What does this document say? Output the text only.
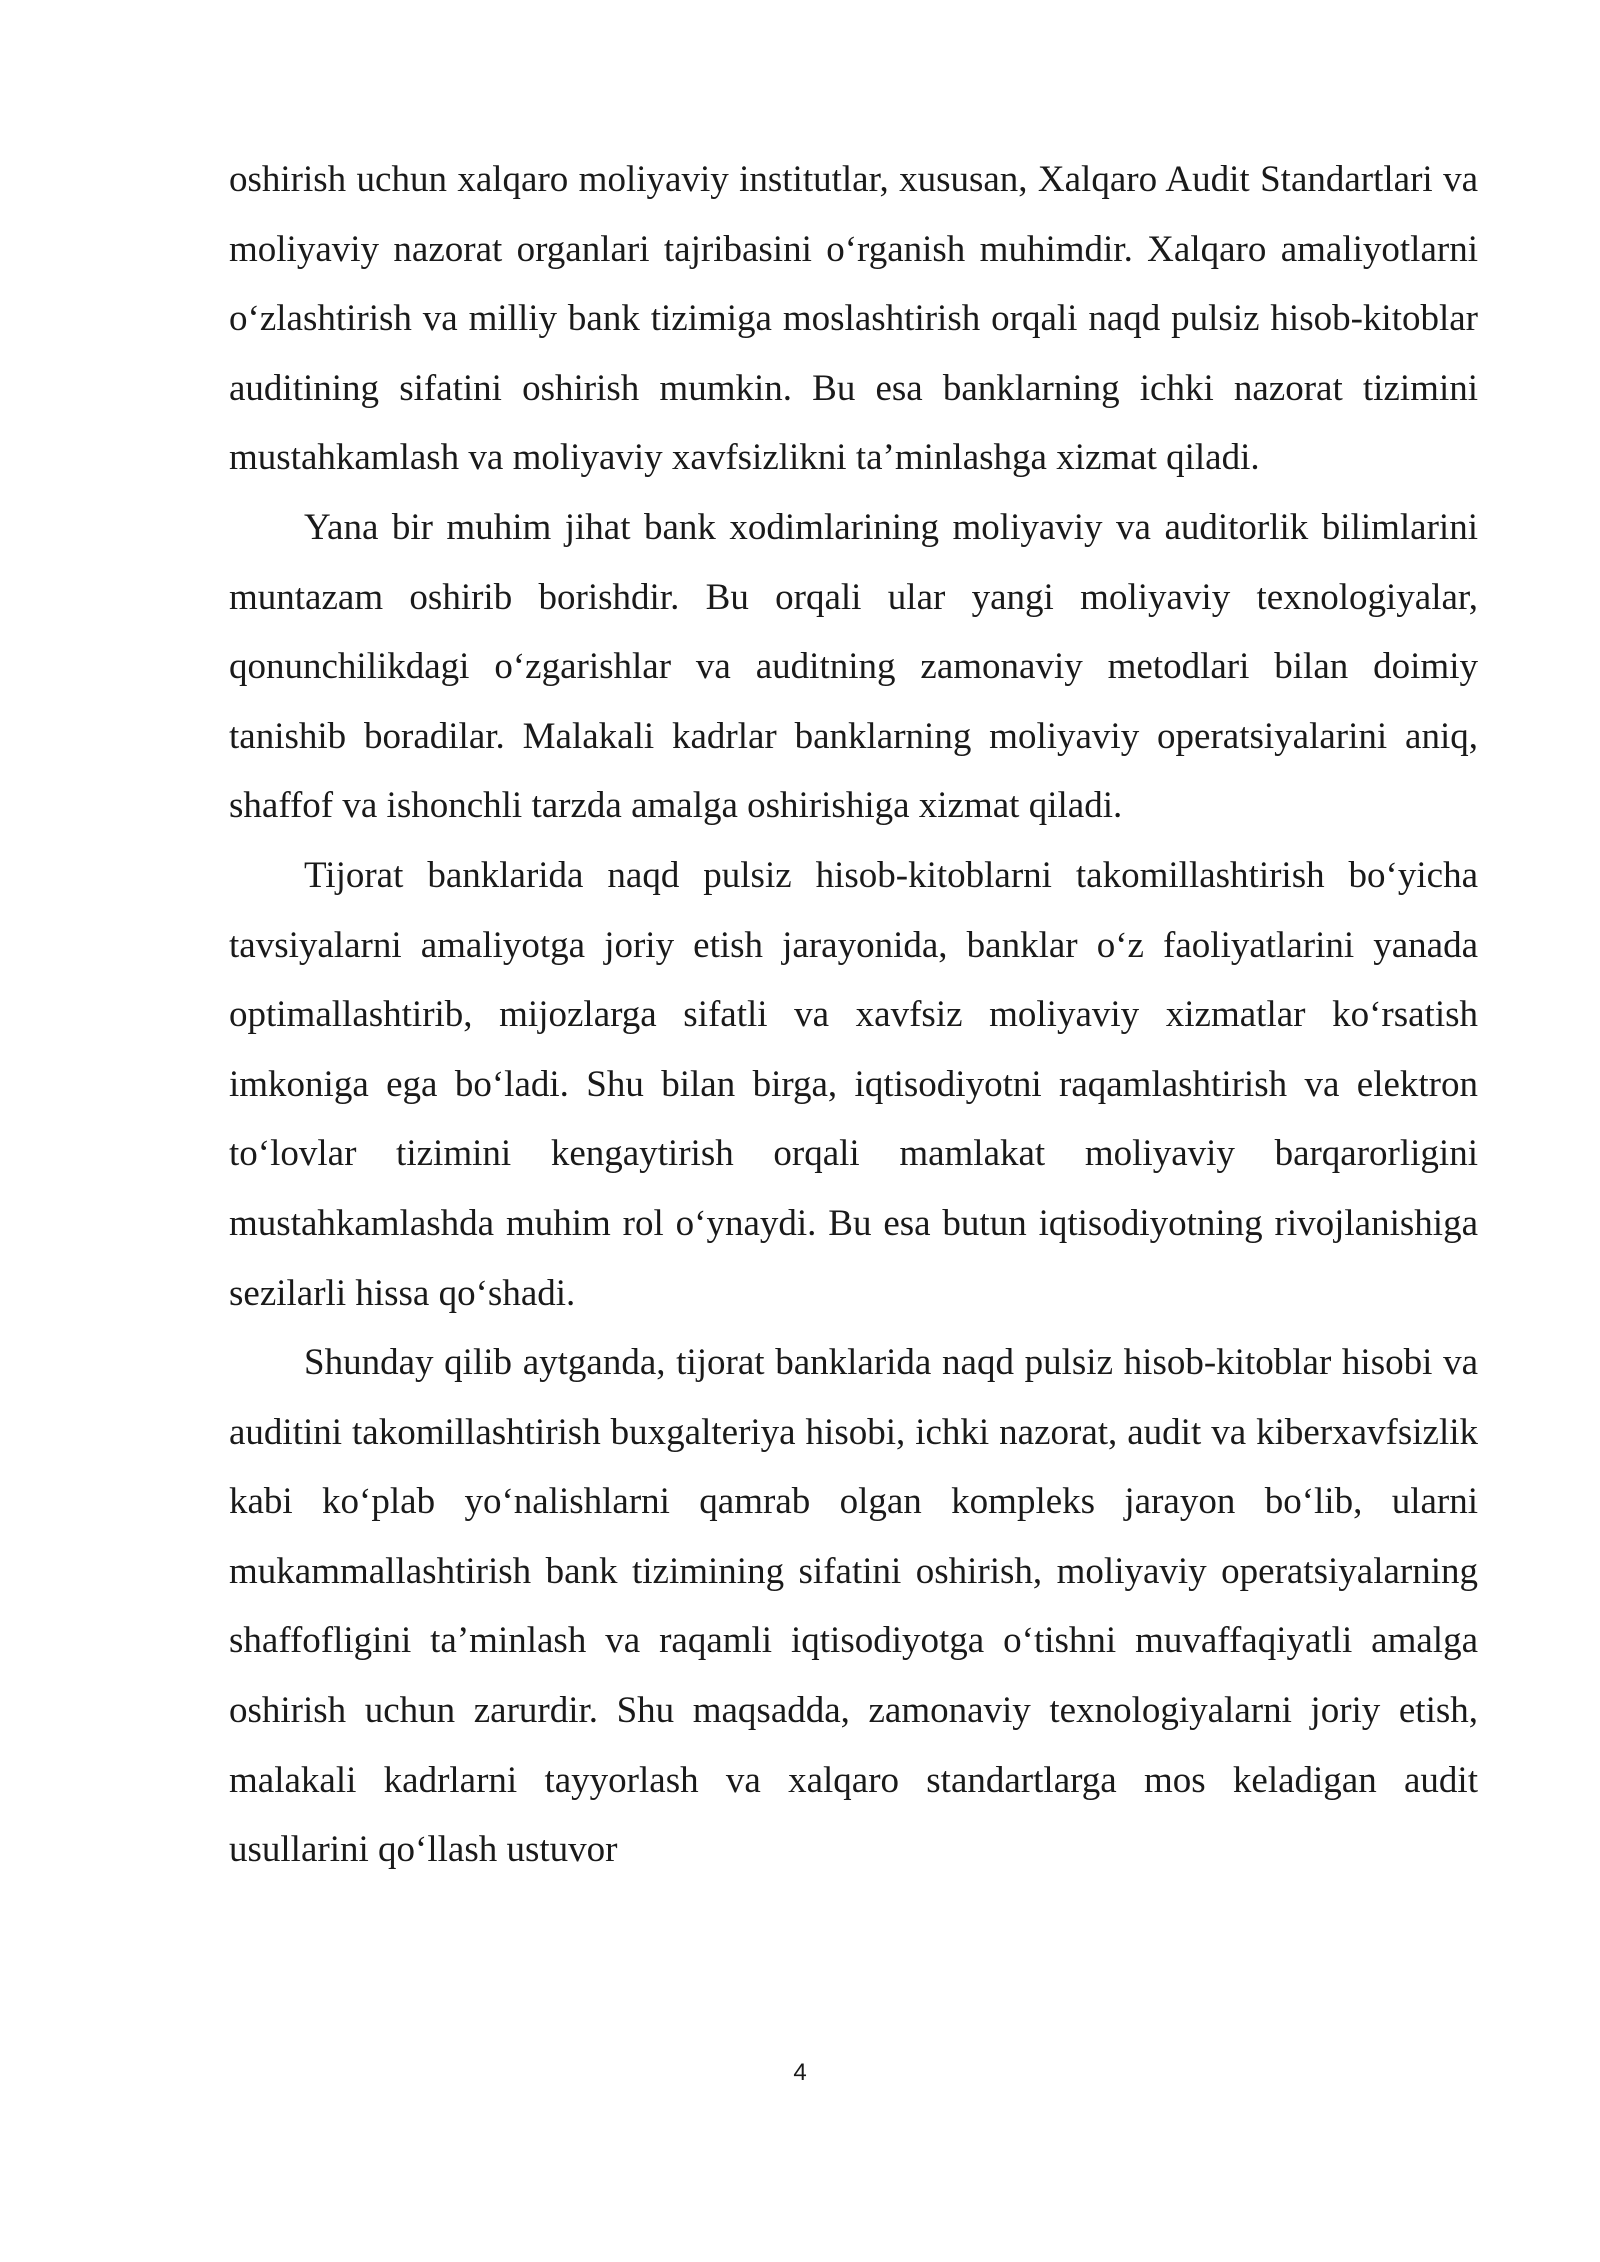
oshirish uchun xalqaro moliyaviy institutlar, xususan, Xalqaro Audit Standartlari va moliyaviy nazorat organlari tajribasini oʻrganish muhimdir. Xalqaro amaliyotlarni oʻzlashtirish va milliy bank tizimiga moslashtirish orqali naqd pulsiz hisob-kitoblar auditining sifatini oshirish mumkin. Bu esa banklarning ichki nazorat tizimini mustahkamlash va moliyaviy xavfsizlikni ta’minlashga xizmat qiladi.

Yana bir muhim jihat bank xodimlarining moliyaviy va auditorlik bilimlarini muntazam oshirib borishdir. Bu orqali ular yangi moliyaviy texnologiyalar, qonunchilikdagi oʻzgarishlar va auditning zamonaviy metodlari bilan doimiy tanishib boradilar. Malakali kadrlar banklarning moliyaviy operatsiyalarini aniq, shaffof va ishonchli tarzda amalga oshirishiga xizmat qiladi.

Tijorat banklarida naqd pulsiz hisob-kitoblarni takomillashtirish boʻyicha tavsiyalarni amaliyotga joriy etish jarayonida, banklar oʻz faoliyatlarini yanada optimallashtirib, mijozlarga sifatli va xavfsiz moliyaviy xizmatlar koʻrsatish imkoniga ega boʻladi. Shu bilan birga, iqtisodiyotni raqamlashtirish va elektron toʻlovlar tizimini kengaytirish orqali mamlakat moliyaviy barqarorligini mustahkamlashda muhim rol oʻynaydi. Bu esa butun iqtisodiyotning rivojlanishiga sezilarli hissa qoʻshadi.

Shunday qilib aytganda, tijorat banklarida naqd pulsiz hisob-kitoblar hisobi va auditini takomillashtirish buxgalteriya hisobi, ichki nazorat, audit va kiberxavfsizlik kabi koʻplab yoʻnalishlarni qamrab olgan kompleks jarayon boʻlib, ularni mukammallashtirish bank tizimining sifatini oshirish, moliyaviy operatsiyalarning shaffofligini ta’minlash va raqamli iqtisodiyotga oʻtishni muvaffaqiyatli amalga oshirish uchun zarurdir. Shu maqsadda, zamonaviy texnologiyalarni joriy etish, malakali kadrlarni tayyorlash va xalqaro standartlarga mos keladigan audit usullarini qoʻllash ustuvor

4
